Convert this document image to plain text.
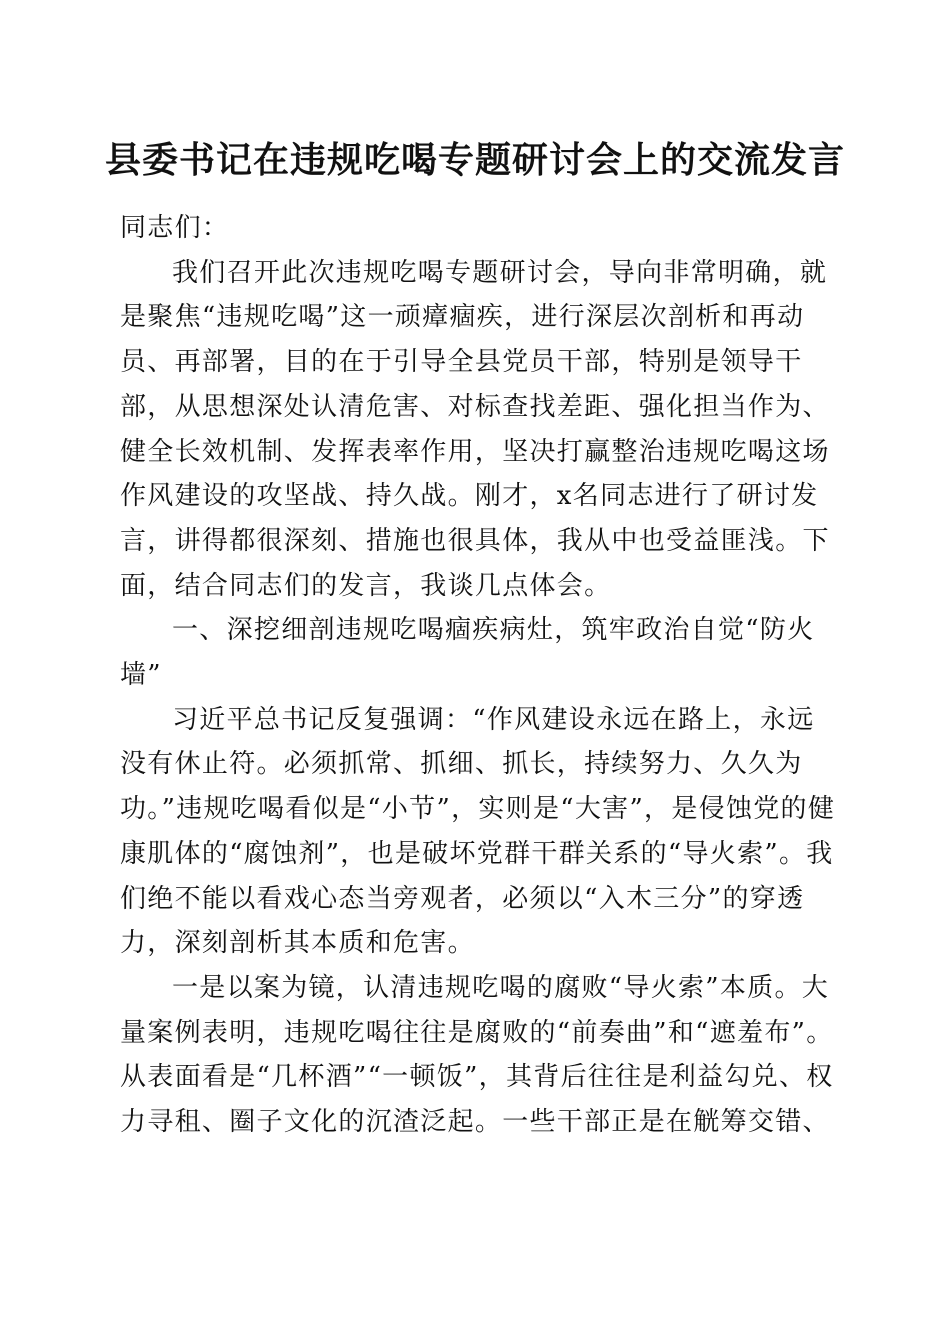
县委书记在违规吃喝专题研讨会上的交流发言

同志们：

我们召开此次违规吃喝专题研讨会，导向非常明确，就是聚焦“违规吃喝”这一顽瘴痼疾，进行深层次剖析和再动员、再部署，目的在于引导全县党员干部，特别是领导干部，从思想深处认清危害、对标查找差距、强化担当作为、健全长效机制、发挥表率作用，坚决打赢整治违规吃喝这场作风建设的攻坚战、持久战。刚才，x名同志进行了研讨发言，讲得都很深刻、措施也很具体，我从中也受益匪浅。下面，结合同志们的发言，我谈几点体会。

一、深挖细剖违规吃喝痼疾病灶，筑牢政治自觉“防火墙”

习近平总书记反复强调：“作风建设永远在路上，永远没有休止符。必须抓常、抓细、抓长，持续努力、久久为功。”违规吃喝看似是“小节”，实则是“大害”，是侵蚀党的健康肌体的“腐蚀剂”，也是破坏党群干群关系的“导火索”。我们绝不能以看戏心态当旁观者，必须以“入木三分”的穿透力，深刻剖析其本质和危害。

一是以案为镜，认清违规吃喝的腐败“导火索”本质。大量案例表明，违规吃喝往往是腐败的“前奏曲”和“遮羞布”。从表面看是“几杯酒”“一顿饭”，其背后往往是利益勾兑、权力寻租、圈子文化的沉渣泛起。一些干部正是在觥筹交错、
